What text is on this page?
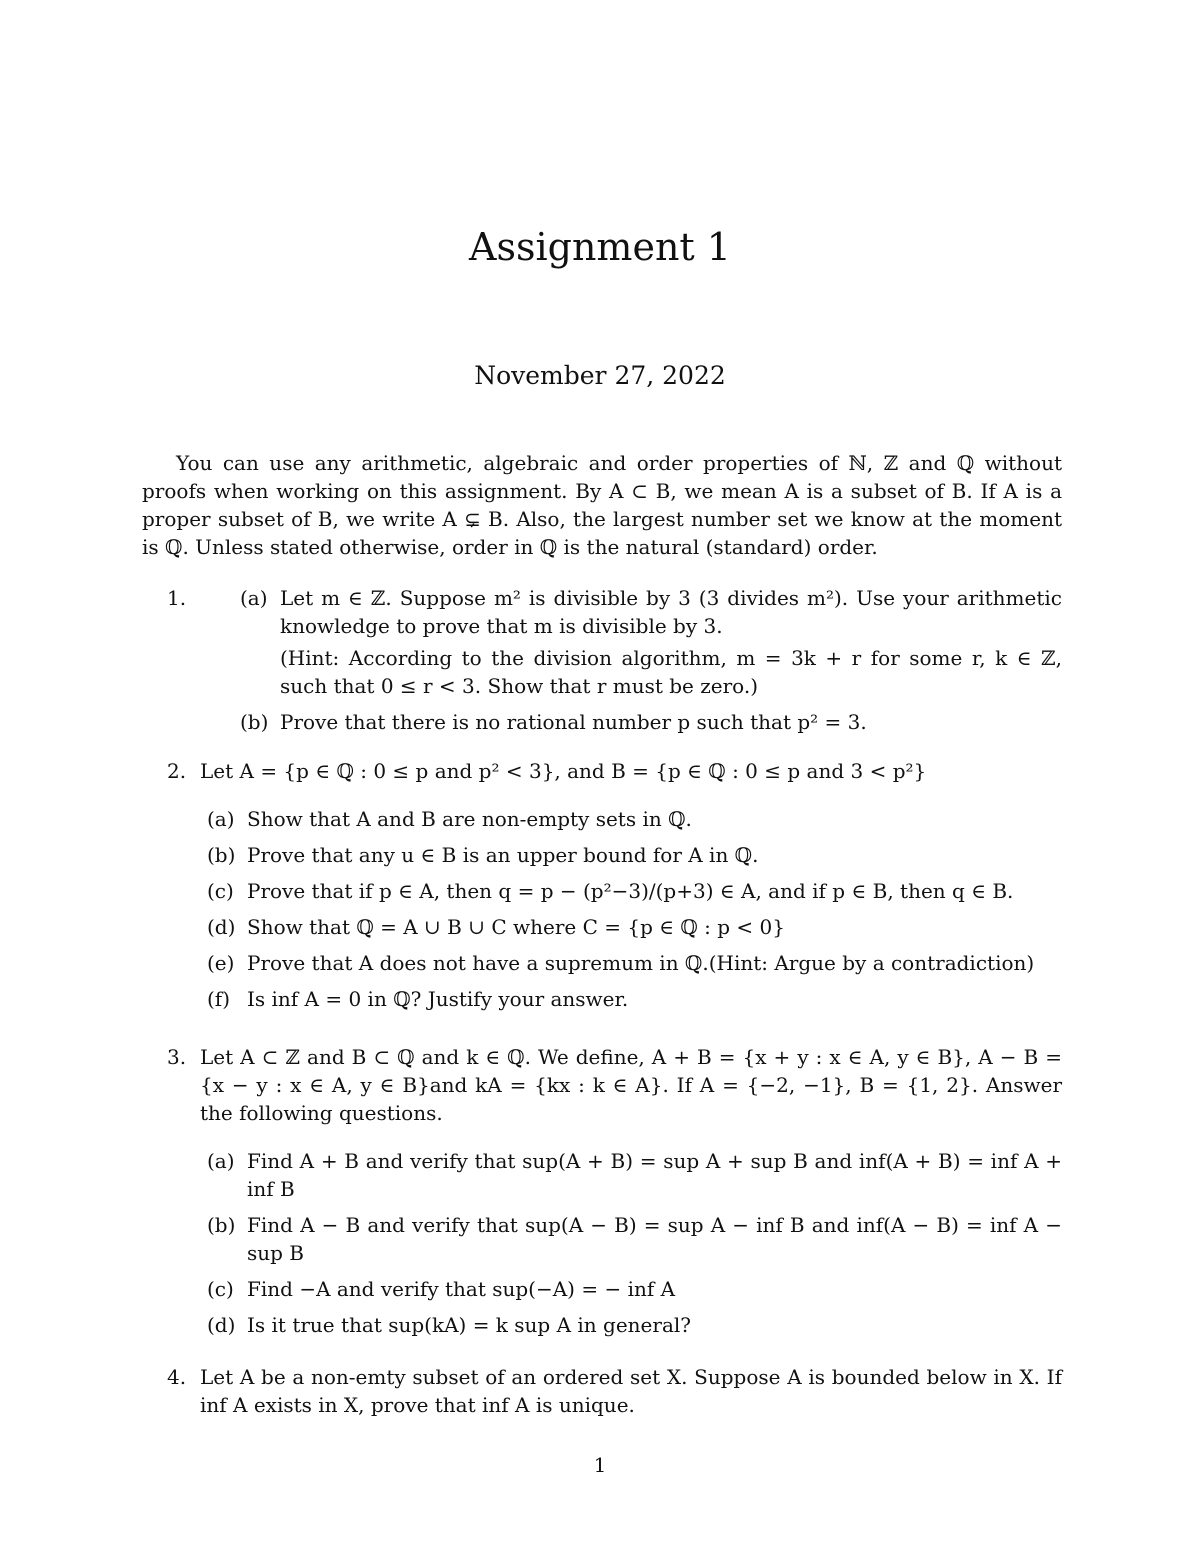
Assignment 1
November 27, 2022

You can use any arithmetic, algebraic and order properties of ℕ, ℤ and ℚ without proofs when working on this assignment. By A ⊂ B, we mean A is a subset of B. If A is a proper subset of B, we write A ⊊ B. Also, the largest number set we know at the moment is ℚ. Unless stated otherwise, order in ℚ is the natural (standard) order.

1.	(a) Let m ∈ ℤ. Suppose m² is divisible by 3 (3 divides m²). Use your arithmetic knowledge to prove that m is divisible by 3.
(Hint: According to the division algorithm, m = 3k + r for some r, k ∈ ℤ, such that 0 ≤ r < 3. Show that r must be zero.)
(b) Prove that there is no rational number p such that p² = 3.
2. Let A = {p ∈ ℚ : 0 ≤ p and p² < 3}, and B = {p ∈ ℚ : 0 ≤ p and 3 < p²}
(a) Show that A and B are non-empty sets in ℚ.
(b) Prove that any u ∈ B is an upper bound for A in ℚ.
(c) Prove that if p ∈ A, then q = p − (p²−3)/(p+3) ∈ A, and if p ∈ B, then q ∈ B.
(d) Show that ℚ = A ∪ B ∪ C where C = {p ∈ ℚ : p < 0}
(e) Prove that A does not have a supremum in ℚ.(Hint: Argue by a contradiction)
(f) Is inf A = 0 in ℚ? Justify your answer.
3. Let A ⊂ ℤ and B ⊂ ℚ and k ∈ ℚ. We define, A + B = {x + y : x ∈ A, y ∈ B}, A − B = {x − y : x ∈ A, y ∈ B}and kA = {kx : k ∈ A}. If A = {−2, −1}, B = {1, 2}. Answer the following questions.
(a) Find A + B and verify that sup(A + B) = sup A + sup B and inf(A + B) = inf A + inf B
(b) Find A − B and verify that sup(A − B) = sup A − inf B and inf(A − B) = inf A − sup B
(c) Find −A and verify that sup(−A) = − inf A
(d) Is it true that sup(kA) = k sup A in general?
4. Let A be a non-emty subset of an ordered set X. Suppose A is bounded below in X. If inf A exists in X, prove that inf A is unique.
1
